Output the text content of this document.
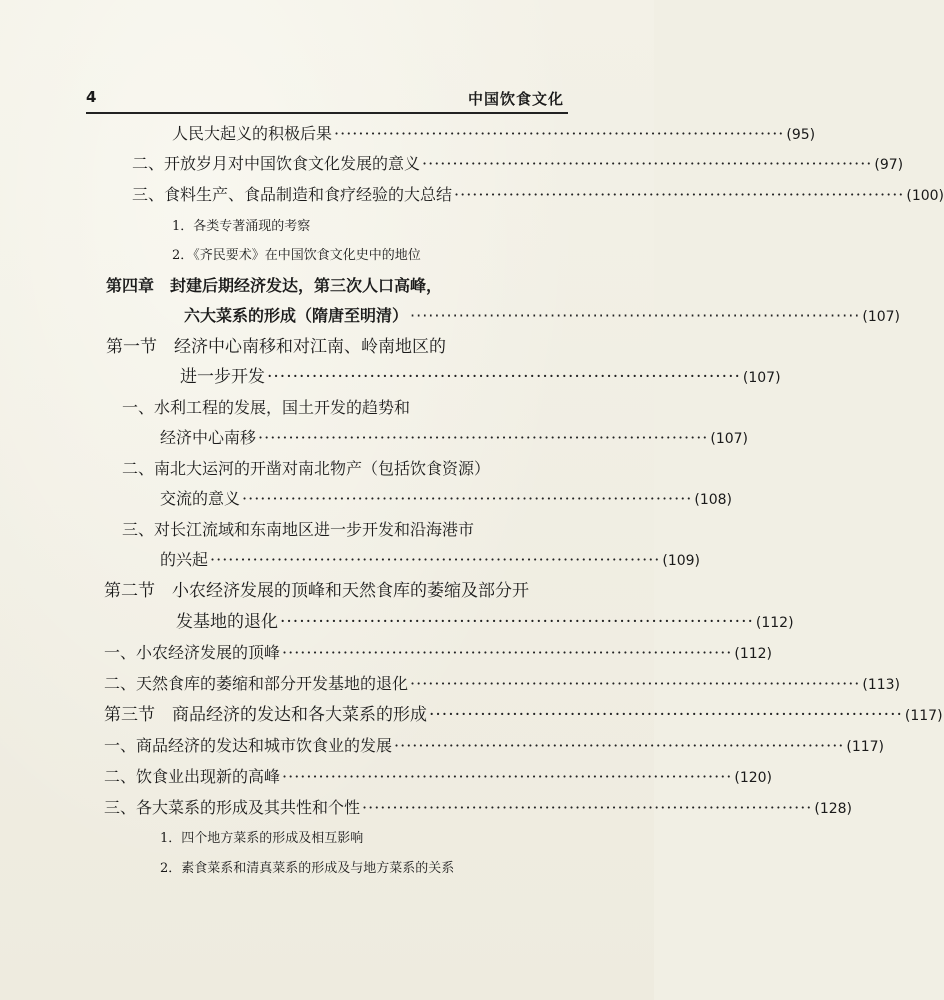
4	中国饮食文化
人民大起义的积极后果 ·········································································· (95)
二、开放岁月对中国饮食文化发展的意义 ·········································································· (97)
三、食料生产、食品制造和食疗经验的大总结 ·········································································· (100)
1．各类专著涌现的考察
2．《齐民要术》在中国饮食文化史中的地位
第四章　封建后期经济发达，第三次人口高峰，
六大菜系的形成（隋唐至明清） ·········································································· (107)
第一节　经济中心南移和对江南、岭南地区的
进一步开发 ·········································································· (107)
一、水利工程的发展，国土开发的趋势和
经济中心南移 ·········································································· (107)
二、南北大运河的开凿对南北物产（包括饮食资源）
交流的意义 ·········································································· (108)
三、对长江流域和东南地区进一步开发和沿海港市
的兴起 ·········································································· (109)
第二节　小农经济发展的顶峰和天然食库的萎缩及部分开
发基地的退化 ·········································································· (112)
一、小农经济发展的顶峰 ·········································································· (112)
二、天然食库的萎缩和部分开发基地的退化 ·········································································· (113)
第三节　商品经济的发达和各大菜系的形成 ·········································································· (117)
一、商品经济的发达和城市饮食业的发展 ·········································································· (117)
二、饮食业出现新的高峰 ·········································································· (120)
三、各大菜系的形成及其共性和个性 ·········································································· (128)
1．四个地方菜系的形成及相互影响
2．素食菜系和清真菜系的形成及与地方菜系的关系
